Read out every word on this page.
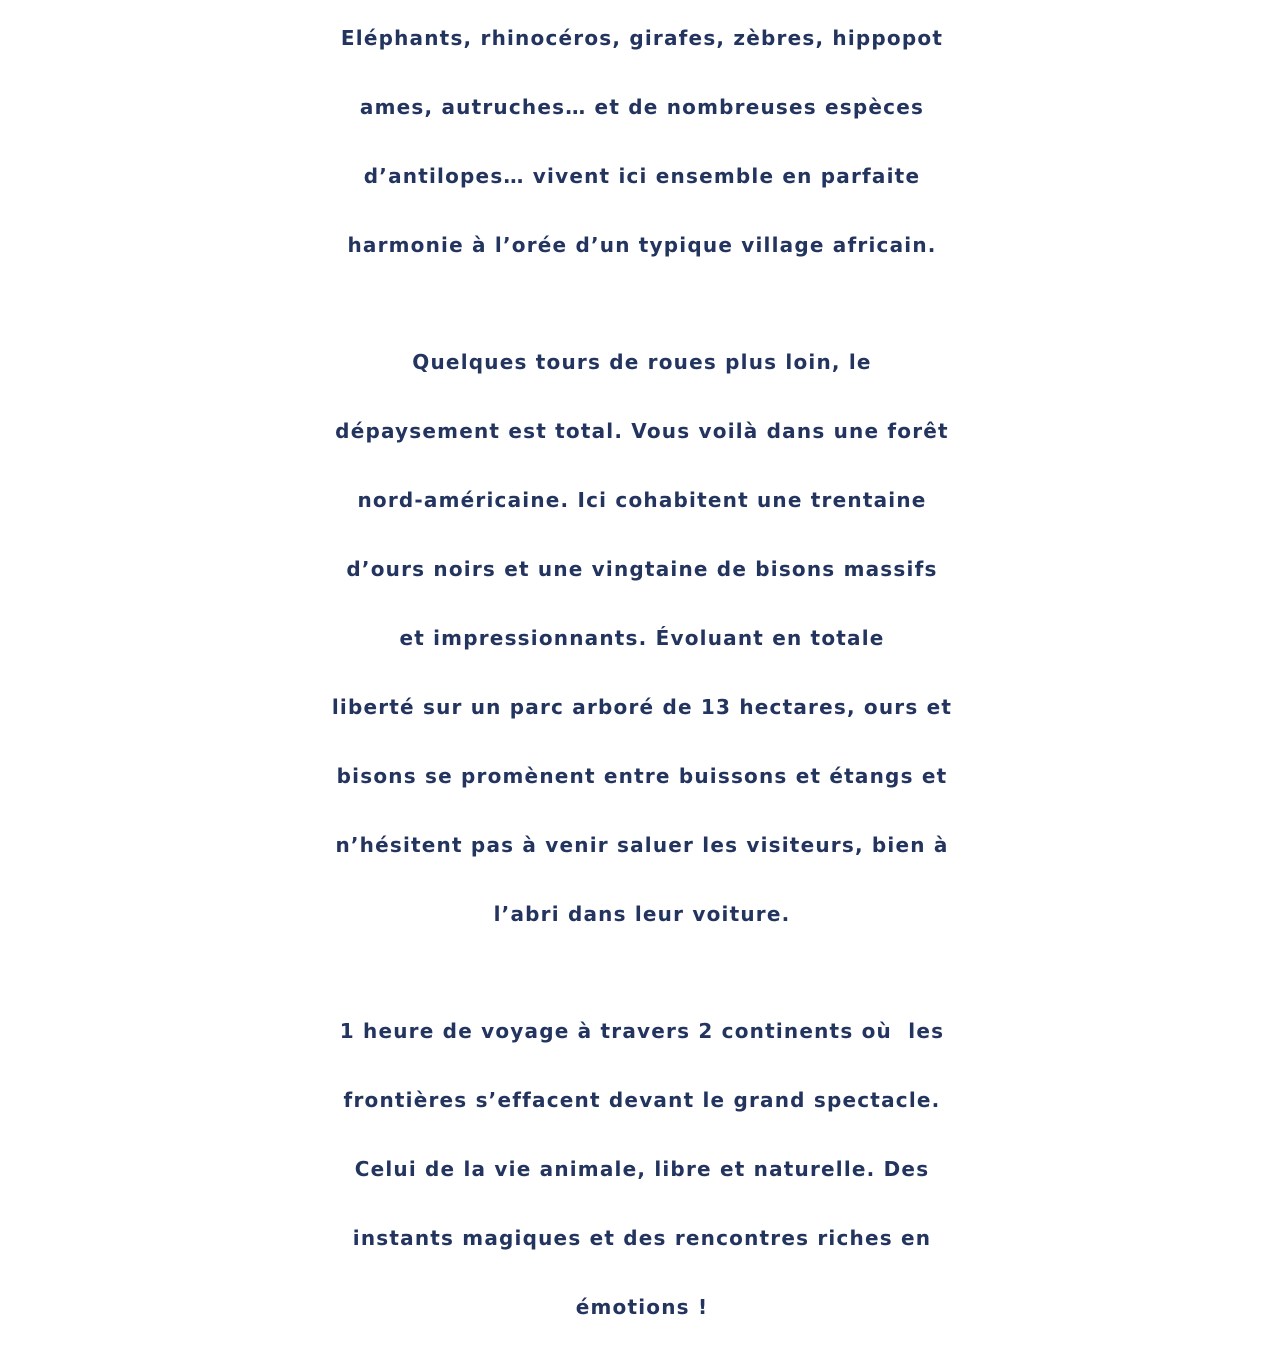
Eléphants, rhinocéros, girafes, zèbres, hippopot
ames, autruches… et de nombreuses espèces
d’antilopes… vivent ici ensemble en parfaite
harmonie à l’orée d’un typique village africain.

Quelques tours de roues plus loin, le
dépaysement est total. Vous voilà dans une forêt
nord-américaine. Ici cohabitent une trentaine
d’ours noirs et une vingtaine de bisons massifs
et impressionnants. Évoluant en totale
liberté sur un parc arboré de 13 hectares, ours et
bisons se promènent entre buissons et étangs et
n’hésitent pas à venir saluer les visiteurs, bien à
l’abri dans leur voiture.

1 heure de voyage à travers 2 continents où  les
frontières s’effacent devant le grand spectacle.
Celui de la vie animale, libre et naturelle. Des
instants magiques et des rencontres riches en
émotions !
